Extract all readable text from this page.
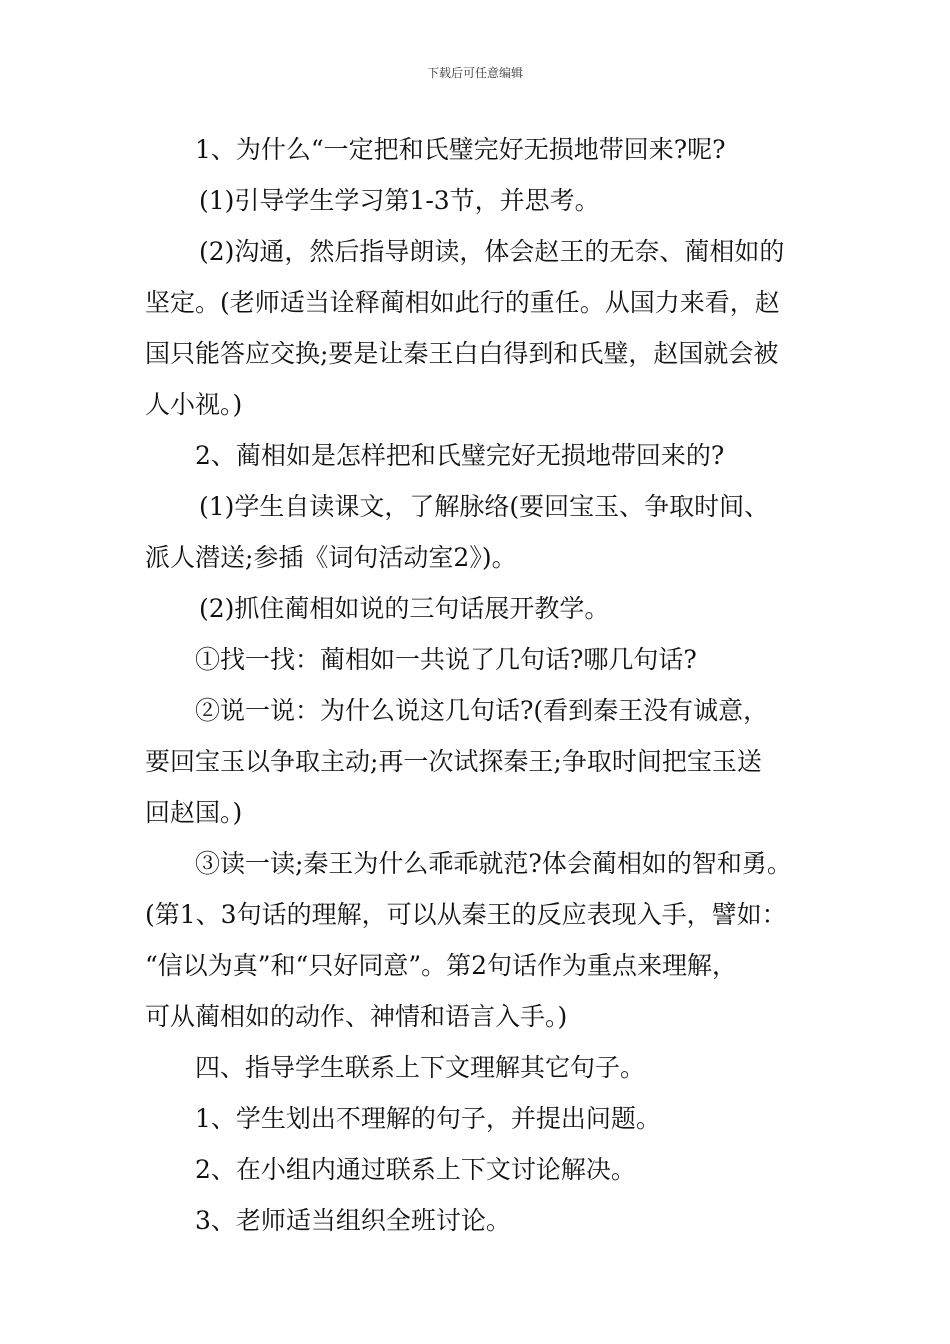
下载后可任意编辑
1、为什么“一定把和氏璧完好无损地带回来?呢?
(1)引导学生学习第1-3节，并思考。
(2)沟通，然后指导朗读，体会赵王的无奈、蔺相如的
坚定。(老师适当诠释蔺相如此行的重任。从国力来看，赵
国只能答应交换;要是让秦王白白得到和氏璧，赵国就会被
人小视。)
2、蔺相如是怎样把和氏璧完好无损地带回来的?
(1)学生自读课文，了解脉络(要回宝玉、争取时间、
派人潜送;参插《词句活动室2》)。
(2)抓住蔺相如说的三句话展开教学。
①找一找：蔺相如一共说了几句话?哪几句话?
②说一说：为什么说这几句话?(看到秦王没有诚意，
要回宝玉以争取主动;再一次试探秦王;争取时间把宝玉送
回赵国。)
③读一读;秦王为什么乖乖就范?体会蔺相如的智和勇。
(第1、3句话的理解，可以从秦王的反应表现入手，譬如：
“信以为真”和“只好同意”。第2句话作为重点来理解，
可从蔺相如的动作、神情和语言入手。)
四、指导学生联系上下文理解其它句子。
1、学生划出不理解的句子，并提出问题。
2、在小组内通过联系上下文讨论解决。
3、老师适当组织全班讨论。
